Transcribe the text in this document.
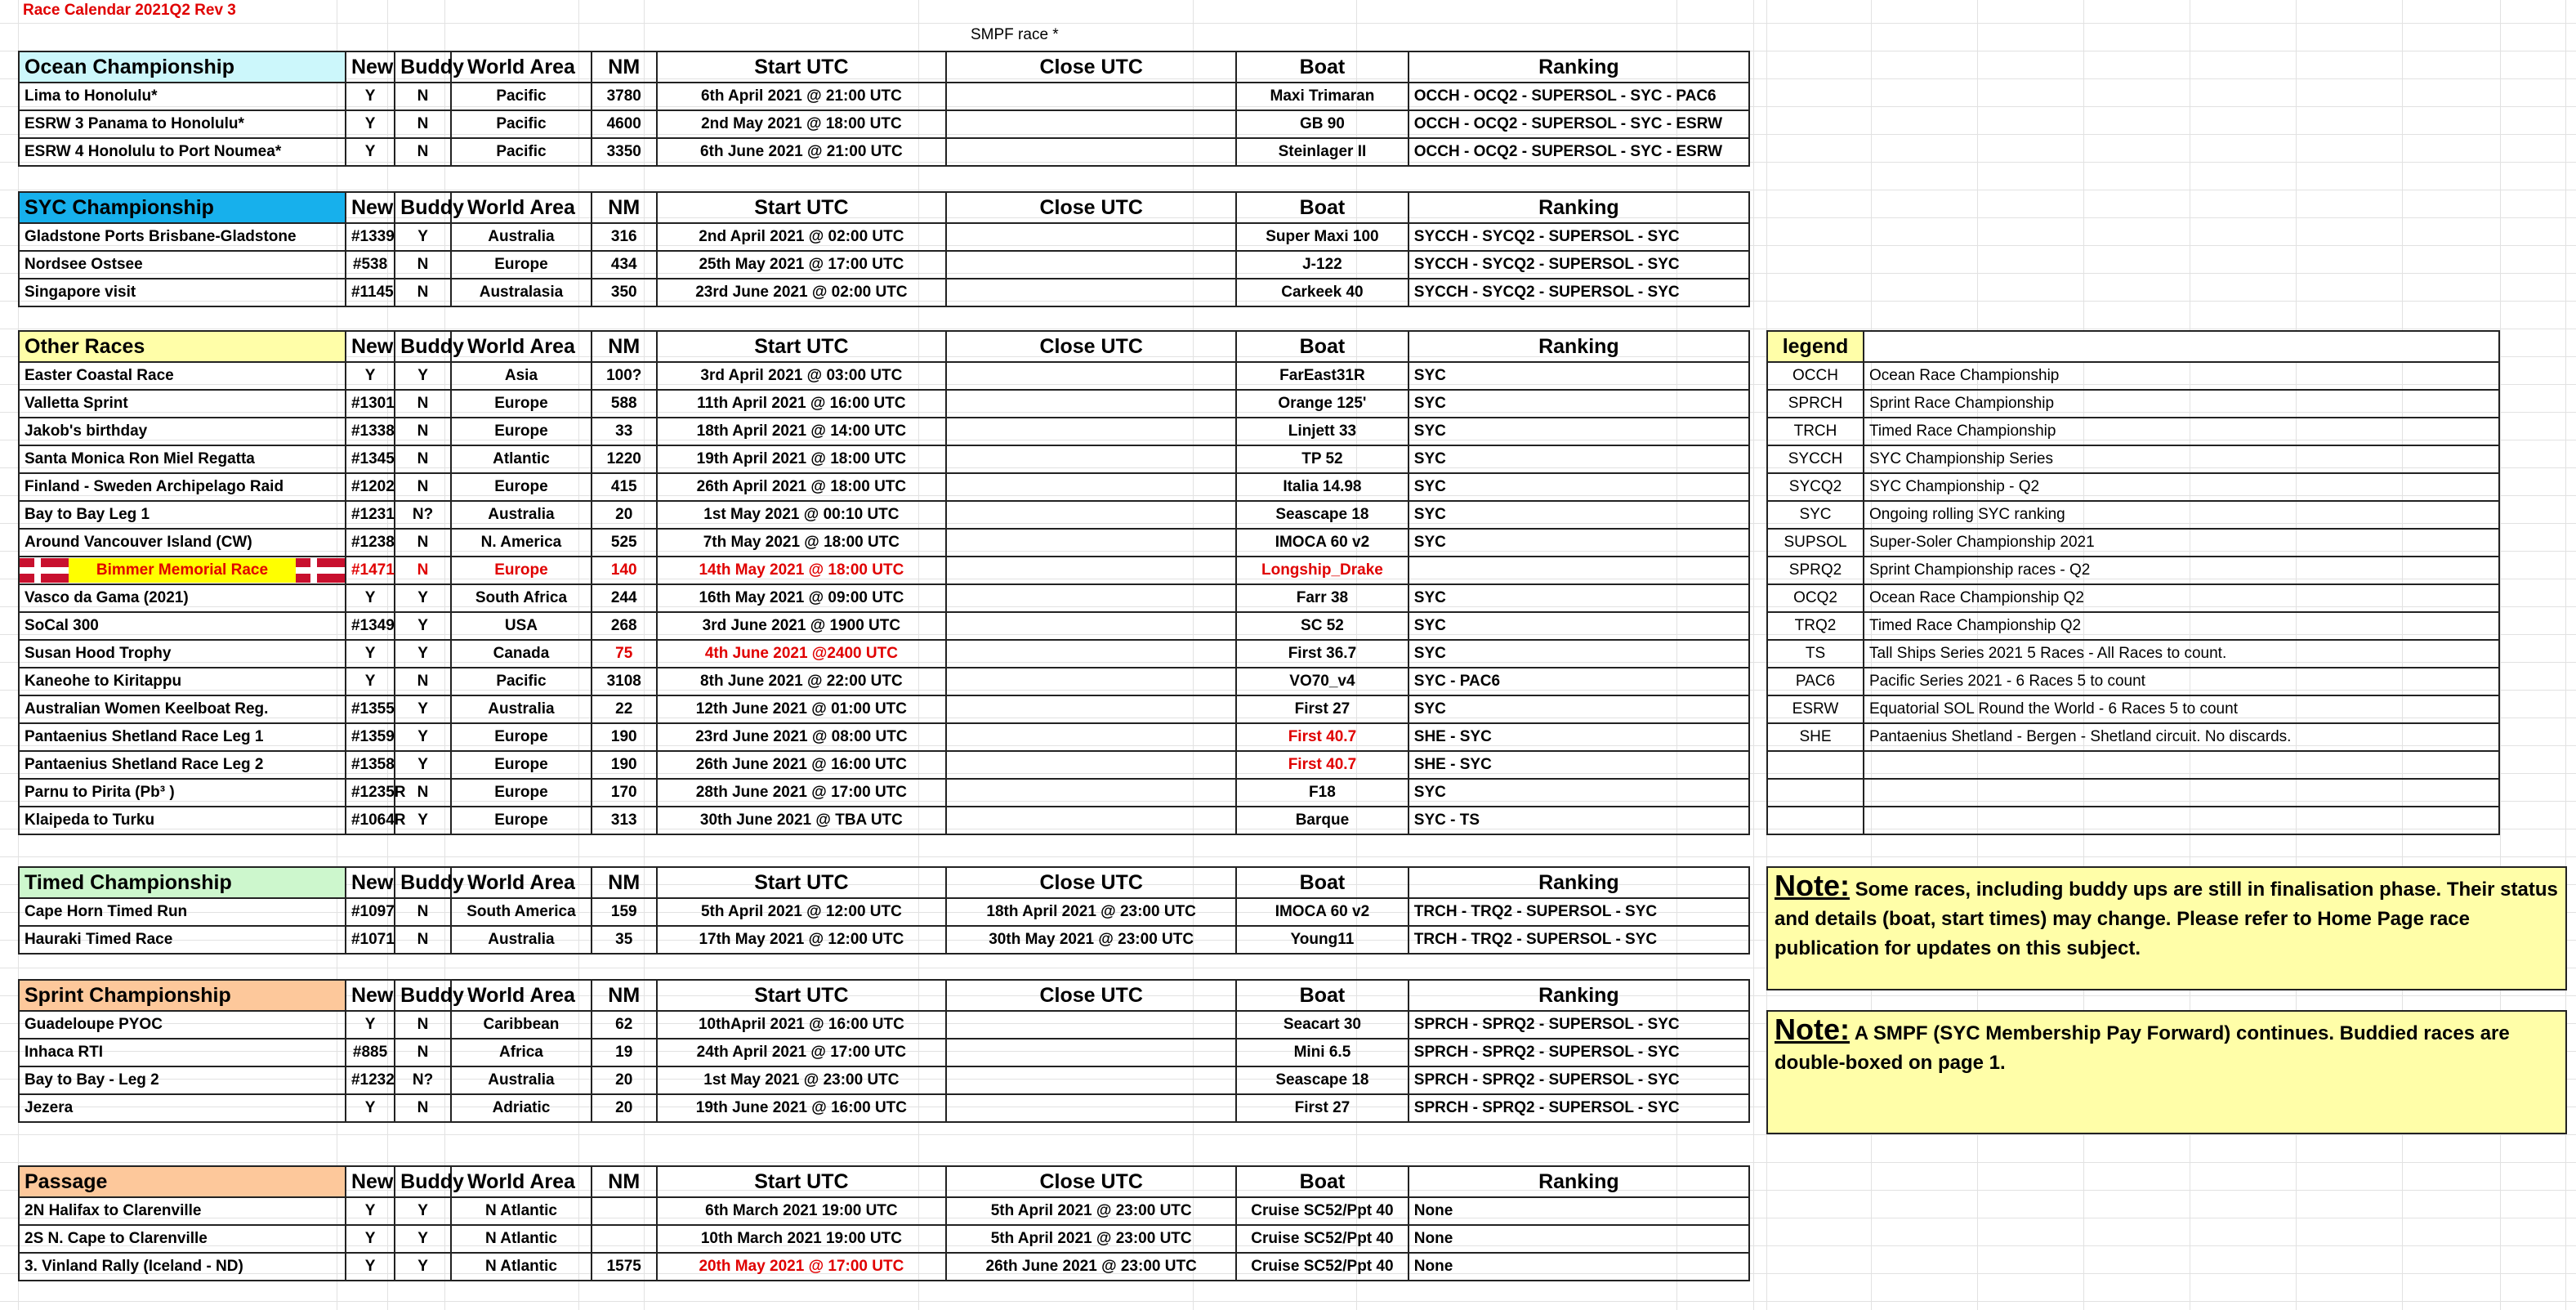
Race Calendar 2021Q2 Rev 3
SMPF race *
Ocean Championship	New	Buddy	World Area	NM	Start UTC	Close UTC	Boat	Ranking
Lima to Honolulu*	Y	N	Pacific	3780	6th April 2021 @ 21:00 UTC		Maxi Trimaran	OCCH - OCQ2 - SUPERSOL - SYC - PAC6
ESRW 3 Panama to Honolulu*	Y	N	Pacific	4600	2nd May 2021 @ 18:00 UTC		GB 90	OCCH - OCQ2 - SUPERSOL - SYC - ESRW
ESRW 4 Honolulu to Port Noumea*	Y	N	Pacific	3350	6th June 2021 @ 21:00 UTC		Steinlager II	OCCH - OCQ2 - SUPERSOL - SYC - ESRW
SYC Championship	New	Buddy	World Area	NM	Start UTC	Close UTC	Boat	Ranking
Gladstone Ports Brisbane-Gladstone	#1339	Y	Australia	316	2nd April 2021 @ 02:00 UTC		Super Maxi 100	SYCCH - SYCQ2 - SUPERSOL - SYC
Nordsee Ostsee	#538	N	Europe	434	25th May 2021 @ 17:00 UTC		J-122	SYCCH - SYCQ2 - SUPERSOL - SYC
Singapore visit	#1145	N	Australasia	350	23rd June 2021 @ 02:00 UTC		Carkeek 40	SYCCH - SYCQ2 - SUPERSOL - SYC
Other Races	New	Buddy	World Area	NM	Start UTC	Close UTC	Boat	Ranking
Easter Coastal Race	Y	Y	Asia	100?	3rd April 2021 @ 03:00 UTC		FarEast31R	SYC
Valletta Sprint	#1301	N	Europe	588	11th April 2021 @ 16:00 UTC		Orange 125'	SYC
Jakob's birthday	#1338	N	Europe	33	18th April 2021 @ 14:00 UTC		Linjett 33	SYC
Santa Monica Ron Miel Regatta	#1345	N	Atlantic	1220	19th April 2021 @ 18:00 UTC		TP 52	SYC
Finland - Sweden Archipelago Raid	#1202	N	Europe	415	26th April 2021 @ 18:00 UTC		Italia 14.98	SYC
Bay to Bay Leg 1	#1231	N?	Australia	20	1st May 2021 @ 00:10 UTC		Seascape 18	SYC
Around Vancouver Island (CW)	#1238	N	N. America	525	7th May 2021 @ 18:00 UTC		IMOCA 60 v2	SYC

Bimmer Memorial Race	#1471	N	Europe	140	14th May 2021 @ 18:00 UTC		Longship_Drake	
Vasco da Gama (2021)	Y	Y	South Africa	244	16th May 2021 @ 09:00 UTC		Farr 38	SYC
SoCal 300	#1349	Y	USA	268	3rd June 2021 @ 1900 UTC		SC 52	SYC
Susan Hood Trophy	Y	Y	Canada	75	4th June 2021 @2400 UTC		First 36.7	SYC
Kaneohe to Kiritappu	Y	N	Pacific	3108	8th June 2021 @ 22:00 UTC		VO70_v4	SYC - PAC6
Australian Women Keelboat Reg.	#1355	Y	Australia	22	12th June 2021 @ 01:00 UTC		First 27	SYC
Pantaenius Shetland Race Leg 1	#1359	Y	Europe	190	23rd June 2021 @ 08:00 UTC		First 40.7	SHE - SYC
Pantaenius Shetland Race Leg 2	#1358	Y	Europe	190	26th June 2021 @ 16:00 UTC		First 40.7	SHE - SYC
Parnu to Pirita (Pb³ )	#1235R	N	Europe	170	28th June 2021 @ 17:00 UTC		F18	SYC
Klaipeda to Turku	#1064R	Y	Europe	313	30th June 2021 @ TBA UTC		Barque	SYC - TS
Timed Championship	New	Buddy	World Area	NM	Start UTC	Close UTC	Boat	Ranking
Cape Horn Timed Run	#1097	N	South America	159	5th April 2021 @ 12:00 UTC	18th April 2021 @ 23:00 UTC	IMOCA 60 v2	TRCH - TRQ2 - SUPERSOL - SYC
Hauraki Timed Race	#1071	N	Australia	35	17th May 2021 @ 12:00 UTC	30th May 2021 @ 23:00 UTC	Young11	TRCH - TRQ2 - SUPERSOL - SYC
Sprint Championship	New	Buddy	World Area	NM	Start UTC	Close UTC	Boat	Ranking
Guadeloupe PYOC	Y	N	Caribbean	62	10thApril 2021 @ 16:00 UTC		Seacart 30	SPRCH - SPRQ2 - SUPERSOL - SYC
Inhaca RTI	#885	N	Africa	19	24th April 2021 @ 17:00 UTC		Mini 6.5	SPRCH - SPRQ2 - SUPERSOL - SYC
Bay to Bay - Leg 2	#1232	N?	Australia	20	1st May 2021 @ 23:00 UTC		Seascape 18	SPRCH - SPRQ2 - SUPERSOL - SYC
Jezera	Y	N	Adriatic	20	19th June 2021 @ 16:00 UTC		First 27	SPRCH - SPRQ2 - SUPERSOL - SYC
Passage	New	Buddy	World Area	NM	Start UTC	Close UTC	Boat	Ranking
2N Halifax to Clarenville	Y	Y	N Atlantic		6th March 2021 19:00 UTC	5th April 2021 @ 23:00 UTC	Cruise SC52/Ppt 40	None
2S N. Cape to Clarenville	Y	Y	N Atlantic		10th March 2021 19:00 UTC	5th April 2021 @ 23:00 UTC	Cruise SC52/Ppt 40	None
3. Vinland Rally (Iceland - ND)	Y	Y	N Atlantic	1575	20th May 2021 @ 17:00 UTC	26th June 2021 @ 23:00 UTC	Cruise SC52/Ppt 40	None
legend	
OCCH	Ocean Race Championship
SPRCH	Sprint Race Championship
TRCH	Timed Race Championship
SYCCH	SYC Championship Series
SYCQ2	SYC Championship - Q2
SYC	Ongoing rolling SYC ranking
SUPSOL	Super-Soler Championship 2021
SPRQ2	Sprint Championship races - Q2
OCQ2	Ocean Race Championship Q2
TRQ2	Timed Race Championship Q2
TS	Tall Ships Series 2021 5 Races - All Races to count.
PAC6	Pacific Series 2021 - 6 Races 5 to count
ESRW	Equatorial SOL Round the World - 6 Races 5 to count
SHE	Pantaenius Shetland - Bergen - Shetland circuit. No discards.

Note: Some races, including buddy ups are still in finalisation phase. Their status and details (boat, start times) may change. Please refer to Home Page race publication for updates on this subject.
Note: A SMPF (SYC Membership Pay Forward) continues. Buddied races are double-boxed on page 1.
